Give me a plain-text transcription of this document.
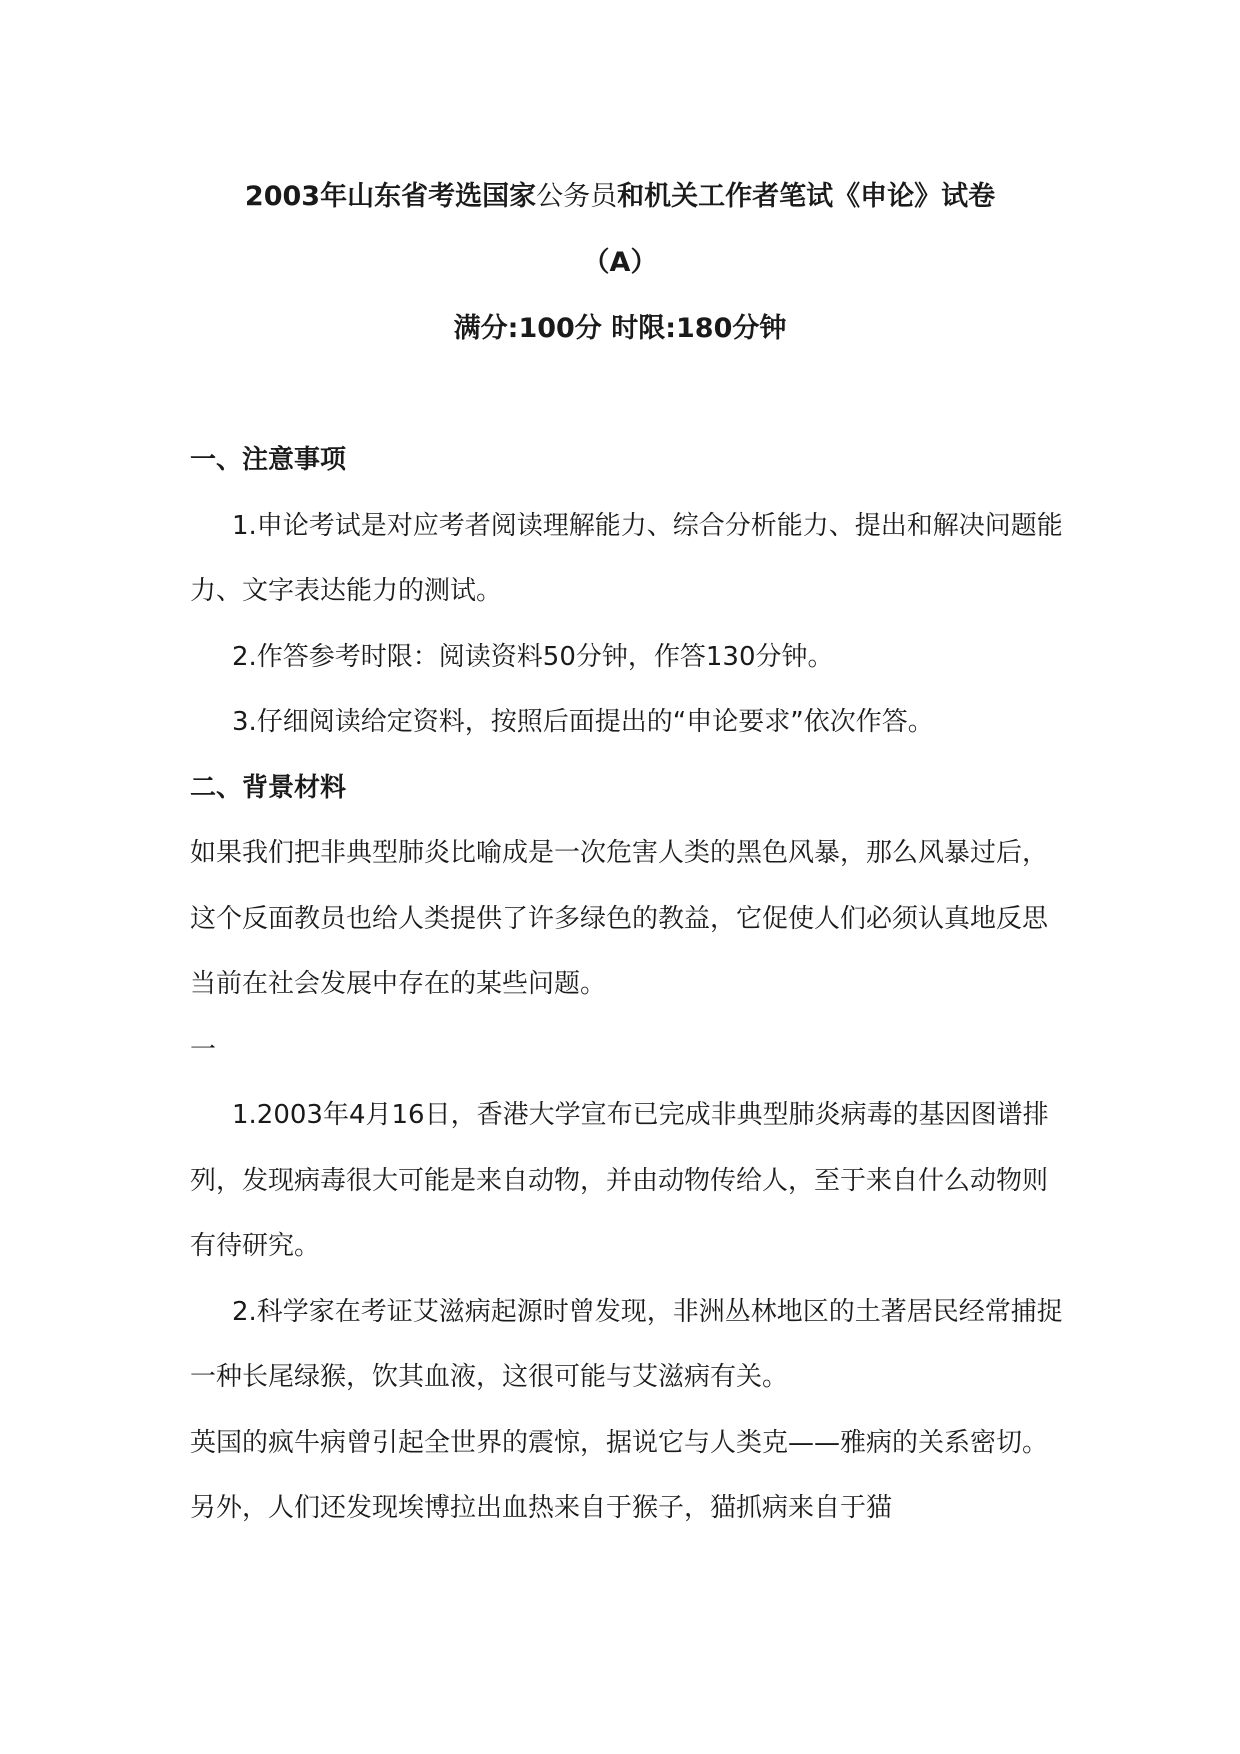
2003年山东省考选国家公务员和机关工作者笔试《申论》试卷

（A）

满分:100分 时限:180分钟

一、注意事项

1.申论考试是对应考者阅读理解能力、综合分析能力、提出和解决问题能力、文字表达能力的测试。

2.作答参考时限：阅读资料50分钟，作答130分钟。

3.仔细阅读给定资料，按照后面提出的“申论要求”依次作答。

二、背景材料

如果我们把非典型肺炎比喻成是一次危害人类的黑色风暴，那么风暴过后，这个反面教员也给人类提供了许多绿色的教益，它促使人们必须认真地反思当前在社会发展中存在的某些问题。

一

1.2003年4月16日，香港大学宣布已完成非典型肺炎病毒的基因图谱排列，发现病毒很大可能是来自动物，并由动物传给人，至于来自什么动物则有待研究。

2.科学家在考证艾滋病起源时曾发现，非洲丛林地区的土著居民经常捕捉一种长尾绿猴，饮其血液，这很可能与艾滋病有关。

英国的疯牛病曾引起全世界的震惊，据说它与人类克——雅病的关系密切。另外，人们还发现埃博拉出血热来自于猴子，猫抓病来自于猫
